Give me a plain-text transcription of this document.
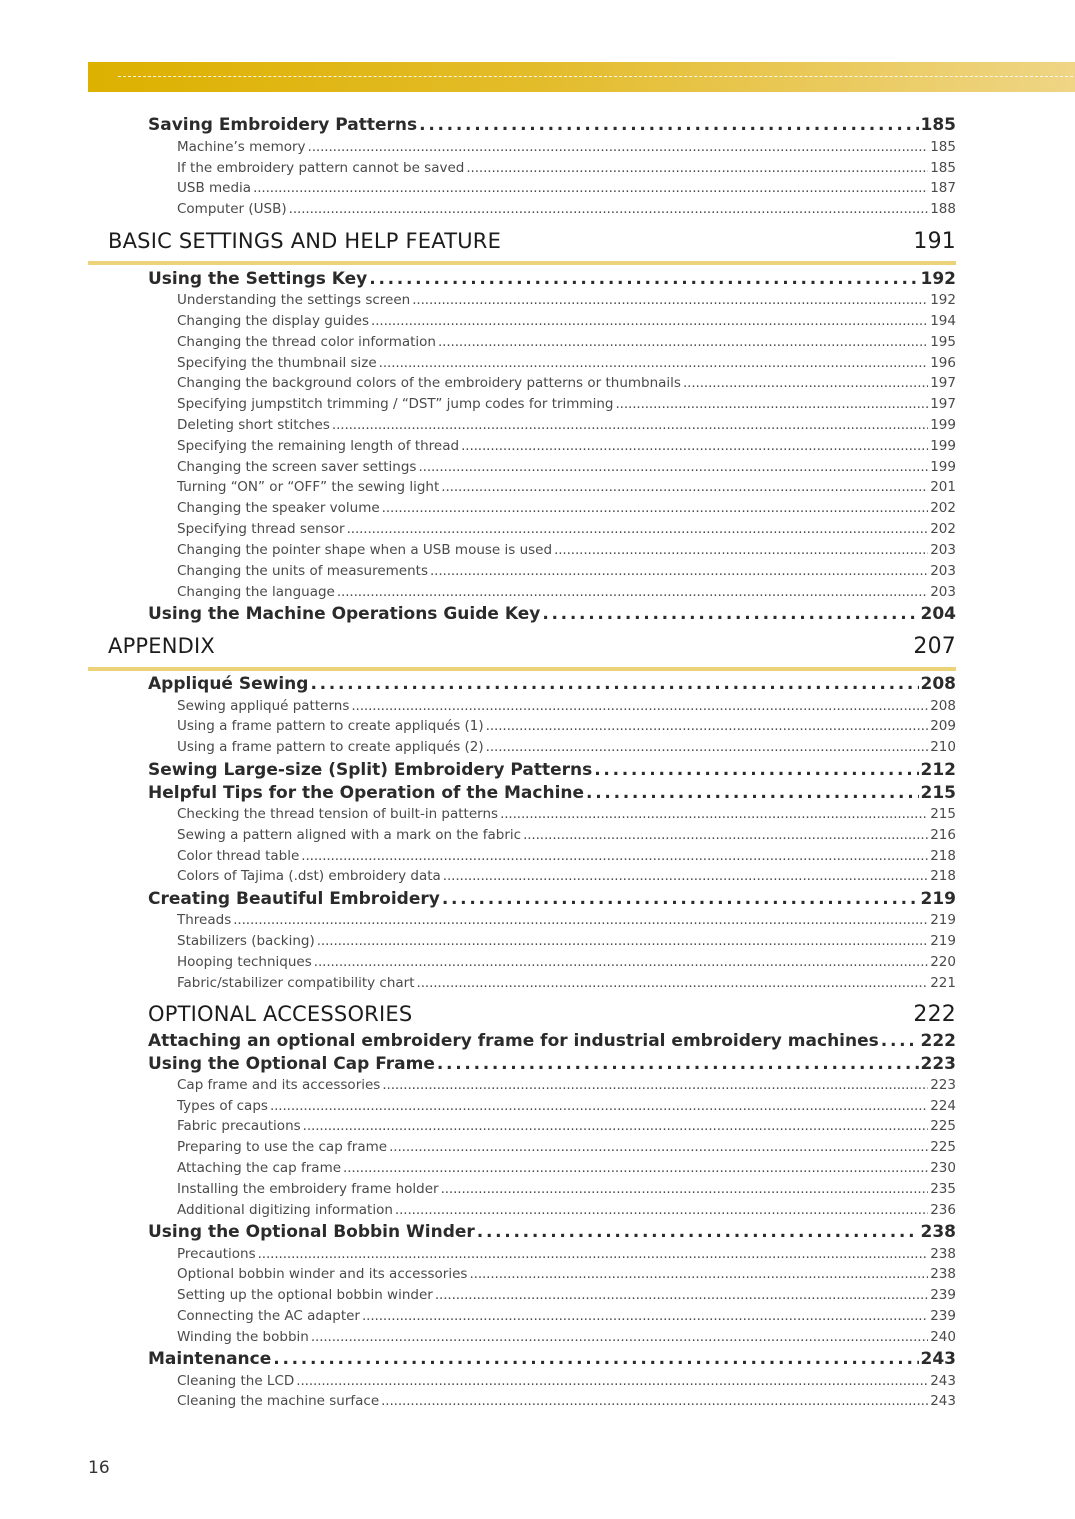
Saving Embroidery Patterns . . .	185
Machine’s memory . . .	185
If the embroidery pattern cannot be saved . . .	185
USB media . . .	187
Computer (USB) . . .	188
BASIC SETTINGS AND HELP FEATURE	191
Using the Settings Key . . .	192
Understanding the settings screen . . .	192
Changing the display guides . . .	194
Changing the thread color information . . .	195
Specifying the thumbnail size . . .	196
Changing the background colors of the embroidery patterns or thumbnails . . .	197
Specifying jumpstitch trimming / “DST” jump codes for trimming . . .	197
Deleting short stitches . . .	199
Specifying the remaining length of thread . . .	199
Changing the screen saver settings . . .	199
Turning “ON” or “OFF” the sewing light . . .	201
Changing the speaker volume . . .	202
Specifying thread sensor . . .	202
Changing the pointer shape when a USB mouse is used . . .	203
Changing the units of measurements . . .	203
Changing the language . . .	203
Using the Machine Operations Guide Key . . .	204
APPENDIX	207
Appliqué Sewing . . .	208
Sewing appliqué patterns . . .	208
Using a frame pattern to create appliqués (1) . . .	209
Using a frame pattern to create appliqués (2) . . .	210
Sewing Large-size (Split) Embroidery Patterns . . .	212
Helpful Tips for the Operation of the Machine . . .	215
Checking the thread tension of built-in patterns . . .	215
Sewing a pattern aligned with a mark on the fabric . . .	216
Color thread table . . .	218
Colors of Tajima (.dst) embroidery data . . .	218
Creating Beautiful Embroidery . . .	219
Threads . . .	219
Stabilizers (backing) . . .	219
Hooping techniques . . .	220
Fabric/stabilizer compatibility chart . . .	221
OPTIONAL ACCESSORIES	222
Attaching an optional embroidery frame for industrial embroidery machines . . . 222
Using the Optional Cap Frame . . .	223
Cap frame and its accessories . . .	223
Types of caps . . .	224
Fabric precautions . . .	225
Preparing to use the cap frame . . .	225
Attaching the cap frame . . .	230
Installing the embroidery frame holder . . .	235
Additional digitizing information . . .	236
Using the Optional Bobbin Winder . . .	238
Precautions . . .	238
Optional bobbin winder and its accessories . . .	238
Setting up the optional bobbin winder . . .	239
Connecting the AC adapter . . .	239
Winding the bobbin . . .	240
Maintenance . . .	243
Cleaning the LCD . . .	243
Cleaning the machine surface . . .	243
16
